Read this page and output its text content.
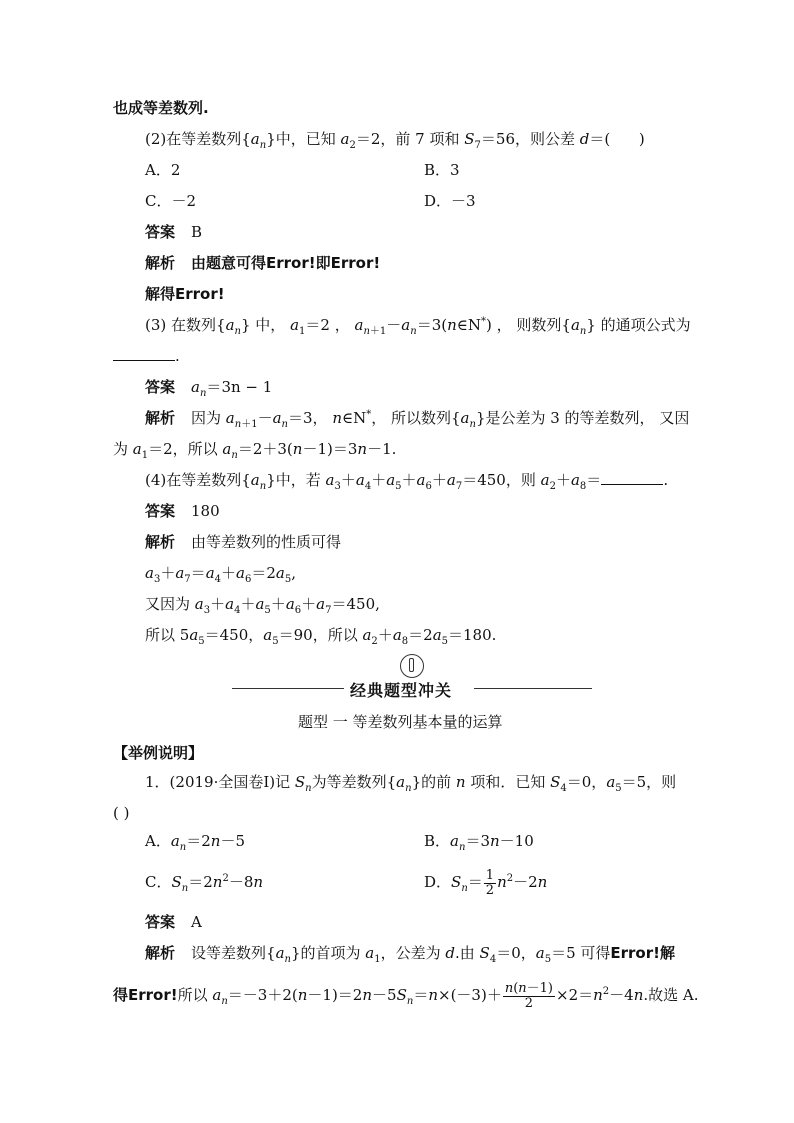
也成等差数列.
(2)在等差数列$\{a_n\}$中，已知 $a_2=2$，前 7 项和 $S_7=56$，则公差 d＝(      )
A．2	B．3
C．－2	D．－3
答案 B
解析 由题意可得Error!即Error!
解得Error!
(3) 在数列$\{a_n\}$ 中， $a_1=2$ ， $a_{n+1}-a_n=3(n\in N^*)$ ， 则数列$\{a_n\}$ 的通项公式为
.
答案 $a_n=3n - 1$
解析 因为 $a_{n+1}-a_n=3$， n∈N*， 所以数列$\{a_n\}$是公差为 3 的等差数列， 又因
为 $a_1=2$，所以 $a_n=2+3(n-1)=3n-1$.
(4)在等差数列$\{a_n\}$中，若 $a_3+a_4+a_5+a_6+a_7=450$，则 $a_2+a_8=$	.
答案 180
解析 由等差数列的性质可得
$a_3+a_7=a_4+a_6=2a_5$,
又因为 $a_3+a_4+a_5+a_6+a_7=450$,
所以 $5a_5=450$，$a_5=90$，所以 $a_2+a_8=2a_5=180$.
经典题型冲关
题型 一 等差数列基本量的运算
【举例说明】
1．(2019·全国卷Ⅰ)记 $S_n$为等差数列$\{a_n\}$的前 n 项和．已知 $S_4=0$，$a_5=5$，则
( )
A．$a_n=2n-5$	B．$a_n=3n-10$
C．$S_n=2n^2-8n$	D．$S_n= \frac{1}{2} n^2-2n$
答案 A
解析 设等差数列$\{a_n\}$的首项为 $a_1$，公差为 d.由 $S_4=0$，$a_5=5$ 可得Error!解
得Error!所以 $a_n=-3+2(n-1)=2n-5S_n=n\times(-3)+ \frac{n(n-1)}{2} \times 2=n^2-4n$.故选 A.
